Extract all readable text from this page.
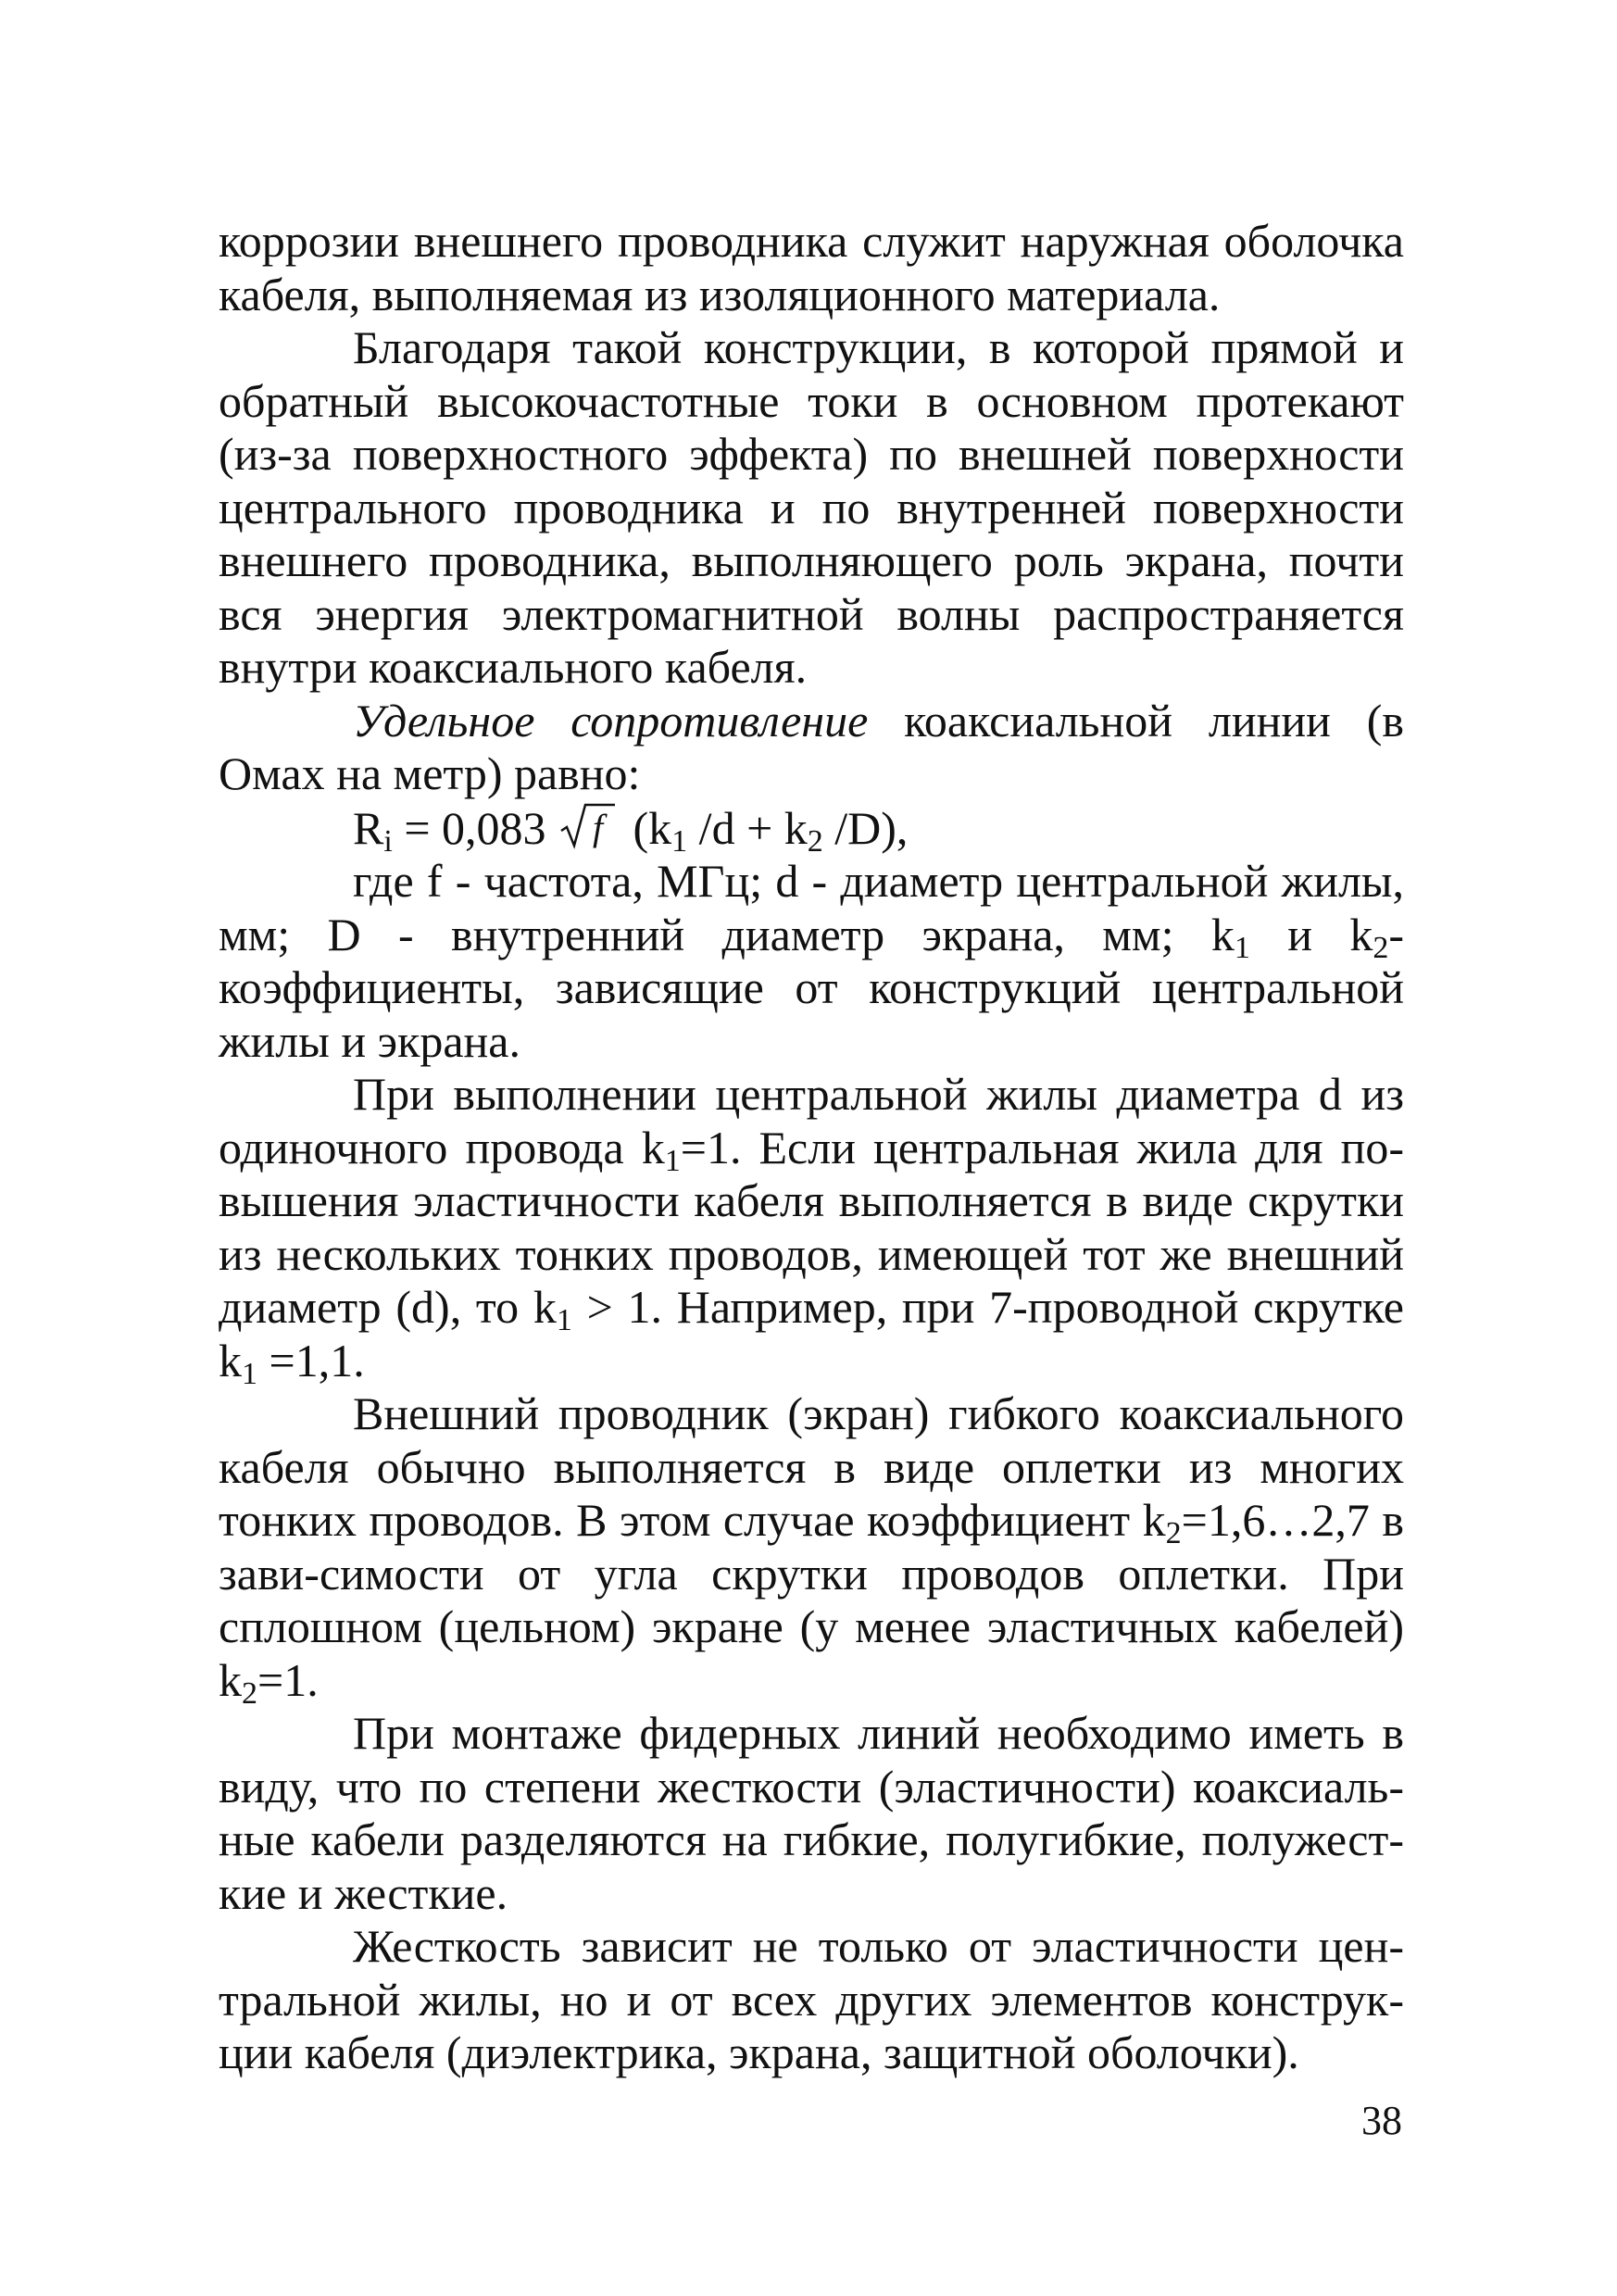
коррозии внешнего проводника служит наружная оболочка кабеля, выполняемая из изоляционного материала.

Благодаря такой конструкции, в которой прямой и обратный высокочастотные токи в основном протекают (из-за поверхностного эффекта) по внешней поверхности центрального проводника и по внутренней поверхности внешнего проводника, выполняющего роль экрана, почти вся энергия электромагнитной волны распространяется внутри коаксиального кабеля.

Удельное сопротивление коаксиальной линии (в Омах на метр) равно:

$R_i = 0,083$ f ($k_1$ $/d + k_2$ /D),

где f - частота, МГц; d - диаметр центральной жилы, мм; D - внутренний диаметр экрана, мм; $k_1$ и $k_2$-коэффициенты, зависящие от конструкций центральной жилы и экрана.

При выполнении центральной жилы диаметра d из одиночного провода $k_1=1$. Если центральная жила для по-вышения эластичности кабеля выполняется в виде скрутки из нескольких тонких проводов, имеющей тот же внешний диаметр (d), то $k_1 > 1$. Например, при 7-проводной скрутке $k_1 =1,1$.

Внешний проводник (экран) гибкого коаксиального кабеля обычно выполняется в виде оплетки из многих тонких проводов. В этом случае коэффициент $k_2=1,6\dots 2,7$ в зави-симости от угла скрутки проводов оплетки. При сплошном (цельном) экране (у менее эластичных кабелей) $k_2=1$.

При монтаже фидерных линий необходимо иметь в виду, что по степени жесткости (эластичности) коаксиаль-ные кабели разделяются на гибкие, полугибкие, полужест-кие и жесткие.

Жесткость зависит не только от эластичности цен-тральной жилы, но и от всех других элементов конструк-ции кабеля (диэлектрика, экрана, защитной оболочки).

38
